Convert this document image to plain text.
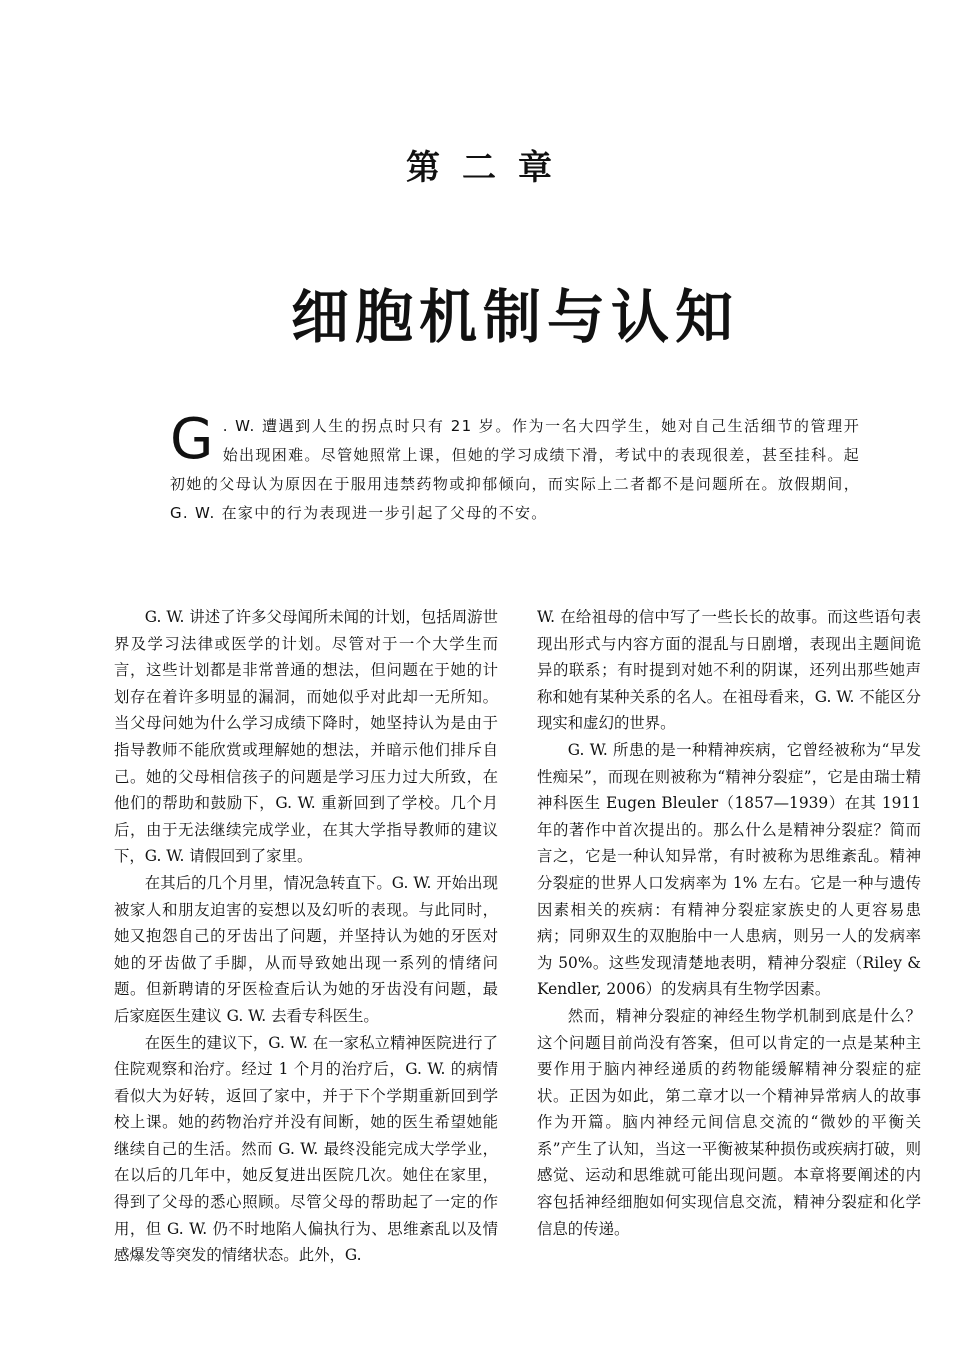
第二章
细胞机制与认知

G . W. 遭遇到人生的拐点时只有 21 岁。作为一名大四学生，她对自己生活细节的管理开始出现困难。尽管她照常上课，但她的学习成绩下滑，考试中的表现很差，甚至挂科。起初她的父母认为原因在于服用违禁药物或抑郁倾向，而实际上二者都不是问题所在。放假期间，G. W. 在家中的行为表现进一步引起了父母的不安。

G. W. 讲述了许多父母闻所未闻的计划，包括周游世界及学习法律或医学的计划。尽管对于一个大学生而言，这些计划都是非常普通的想法，但问题在于她的计划存在着许多明显的漏洞，而她似乎对此却一无所知。当父母问她为什么学习成绩下降时，她坚持认为是由于指导教师不能欣赏或理解她的想法，并暗示他们排斥自己。她的父母相信孩子的问题是学习压力过大所致，在他们的帮助和鼓励下，G. W. 重新回到了学校。几个月后，由于无法继续完成学业，在其大学指导教师的建议下，G. W. 请假回到了家里。

在其后的几个月里，情况急转直下。G. W. 开始出现被家人和朋友迫害的妄想以及幻听的表现。与此同时，她又抱怨自己的牙齿出了问题，并坚持认为她的牙医对她的牙齿做了手脚，从而导致她出现一系列的情绪问题。但新聘请的牙医检查后认为她的牙齿没有问题，最后家庭医生建议 G. W. 去看专科医生。

在医生的建议下，G. W. 在一家私立精神医院进行了住院观察和治疗。经过 1 个月的治疗后，G. W. 的病情看似大为好转，返回了家中，并于下个学期重新回到学校上课。她的药物治疗并没有间断，她的医生希望她能继续自己的生活。然而 G. W. 最终没能完成大学学业，在以后的几年中，她反复进出医院几次。她住在家里，得到了父母的悉心照顾。尽管父母的帮助起了一定的作用，但 G. W. 仍不时地陷人偏执行为、思维紊乱以及情感爆发等突发的情绪状态。此外，G.

W. 在给祖母的信中写了一些长长的故事。而这些语句表现出形式与内容方面的混乱与日剧增，表现出主题间诡异的联系；有时提到对她不利的阴谋，还列出那些她声称和她有某种关系的名人。在祖母看来，G. W. 不能区分现实和虚幻的世界。

G. W. 所患的是一种精神疾病，它曾经被称为“早发性痴呆”，而现在则被称为“精神分裂症”，它是由瑞士精神科医生 Eugen Bleuler（1857—1939）在其 1911 年的著作中首次提出的。那么什么是精神分裂症？简而言之，它是一种认知异常，有时被称为思维紊乱。精神分裂症的世界人口发病率为 1% 左右。它是一种与遗传因素相关的疾病：有精神分裂症家族史的人更容易患病；同卵双生的双胞胎中一人患病，则另一人的发病率为 50%。这些发现清楚地表明，精神分裂症（Riley & Kendler, 2006）的发病具有生物学因素。

然而，精神分裂症的神经生物学机制到底是什么？这个问题目前尚没有答案，但可以肯定的一点是某种主要作用于脑内神经递质的药物能缓解精神分裂症的症状。正因为如此，第二章才以一个精神异常病人的故事作为开篇。脑内神经元间信息交流的“微妙的平衡关系”产生了认知，当这一平衡被某种损伤或疾病打破，则感觉、运动和思维就可能出现问题。本章将要阐述的内容包括神经细胞如何实现信息交流，精神分裂症和化学信息的传递。
